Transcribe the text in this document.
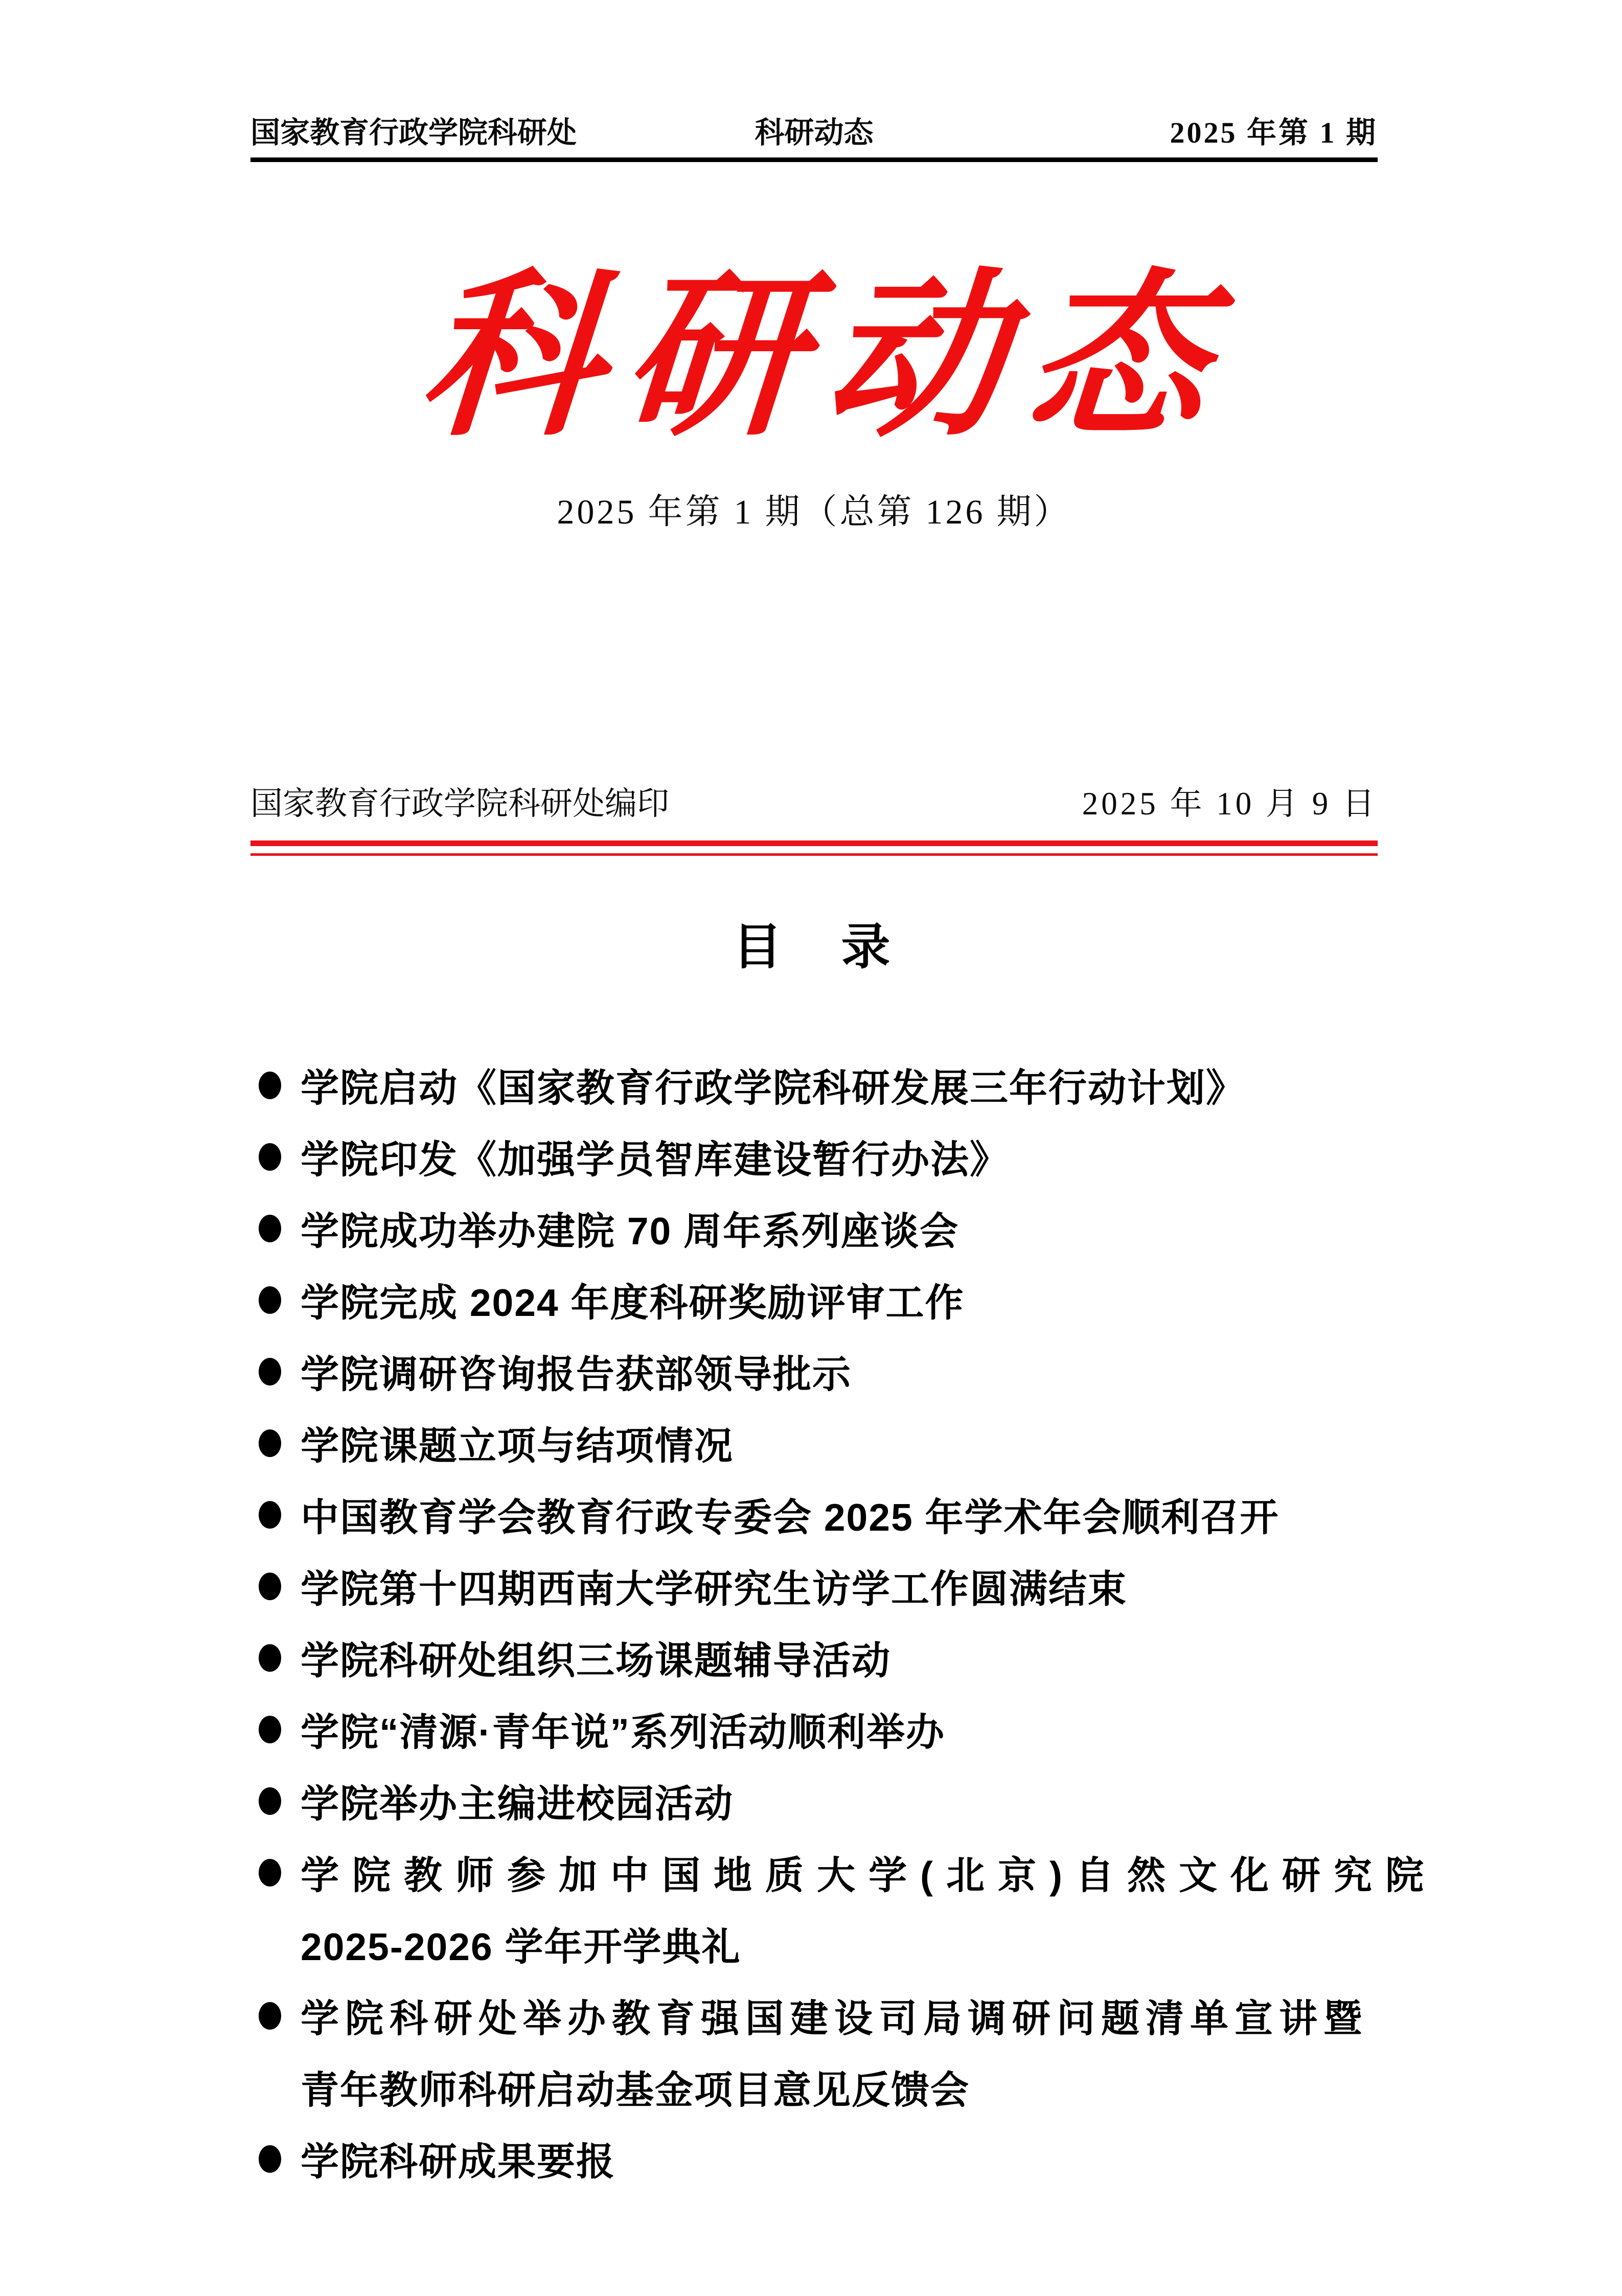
国家教育行政学院科研处	科研动态	2025 年第 1 期
科研动态
2025 年第 1 期（总第 126 期）
国家教育行政学院科研处编印	2025 年 10 月 9 日
目　录
学院启动《国家教育行政学院科研发展三年行动计划》
学院印发《加强学员智库建设暂行办法》
学院成功举办建院 70 周年系列座谈会
学院完成 2024 年度科研奖励评审工作
学院调研咨询报告获部领导批示
学院课题立项与结项情况
中国教育学会教育行政专委会 2025 年学术年会顺利召开
学院第十四期西南大学研究生访学工作圆满结束
学院科研处组织三场课题辅导活动
学院“清源·青年说”系列活动顺利举办
学院举办主编进校园活动
学院教师参加中国地质大学(北京)自然文化研究院
2025-2026 学年开学典礼
学院科研处举办教育强国建设司局调研问题清单宣讲暨
青年教师科研启动基金项目意见反馈会
学院科研成果要报
